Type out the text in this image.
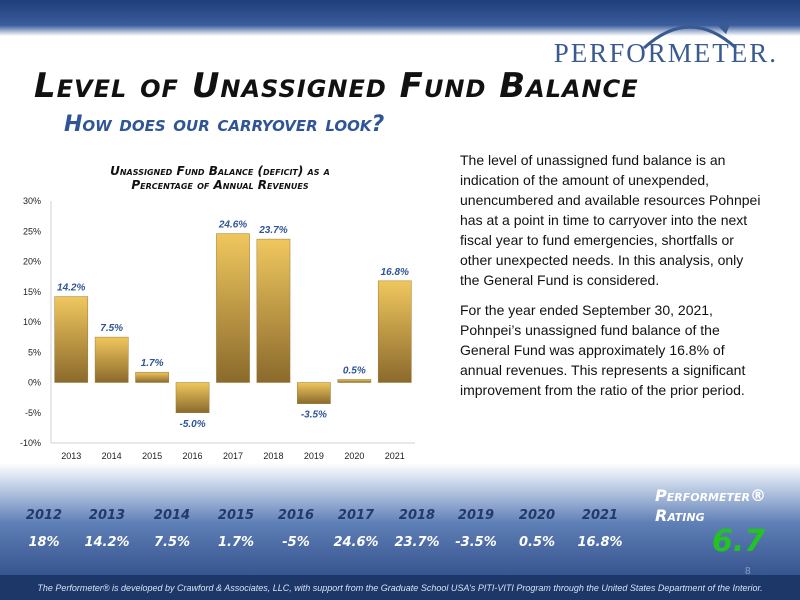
PERFORMETER.
Level of Unassigned Fund Balance
How does our carryover look?
Unassigned Fund Balance (deficit) as a
Percentage of Annual Revenues
-10%
-5%
0%
5%
10%
15%
20%
25%
30%
14.2%
2013
7.5%
2014
1.7%
2015
-5.0%
2016
24.6%
2017
23.7%
2018
-3.5%
2019
0.5%
2020
16.8%
2021

The level of unassigned fund balance is an indication of the amount of unexpended, unencumbered and available resources Pohnpei has at a point in time to carryover into the next fiscal year to fund emergencies, shortfalls or other unexpected needs. In this analysis, only the General Fund is considered.

For the year ended September 30, 2021, Pohnpei’s unassigned fund balance of the General Fund was approximately 16.8% of annual revenues. This represents a significant improvement from the ratio of the prior period.

2012
18%
2013
14.2%
2014
7.5%
2015
1.7%
2016
-5%
2017
24.6%
2018
23.7%
2019
-3.5%
2020
0.5%
2021
16.8%
Performeter®
Rating
6.7
8
The Performeter® is developed by Crawford & Associates, LLC, with support from the Graduate School USA’s PITI-VITI Program through the United States Department of the Interior.
